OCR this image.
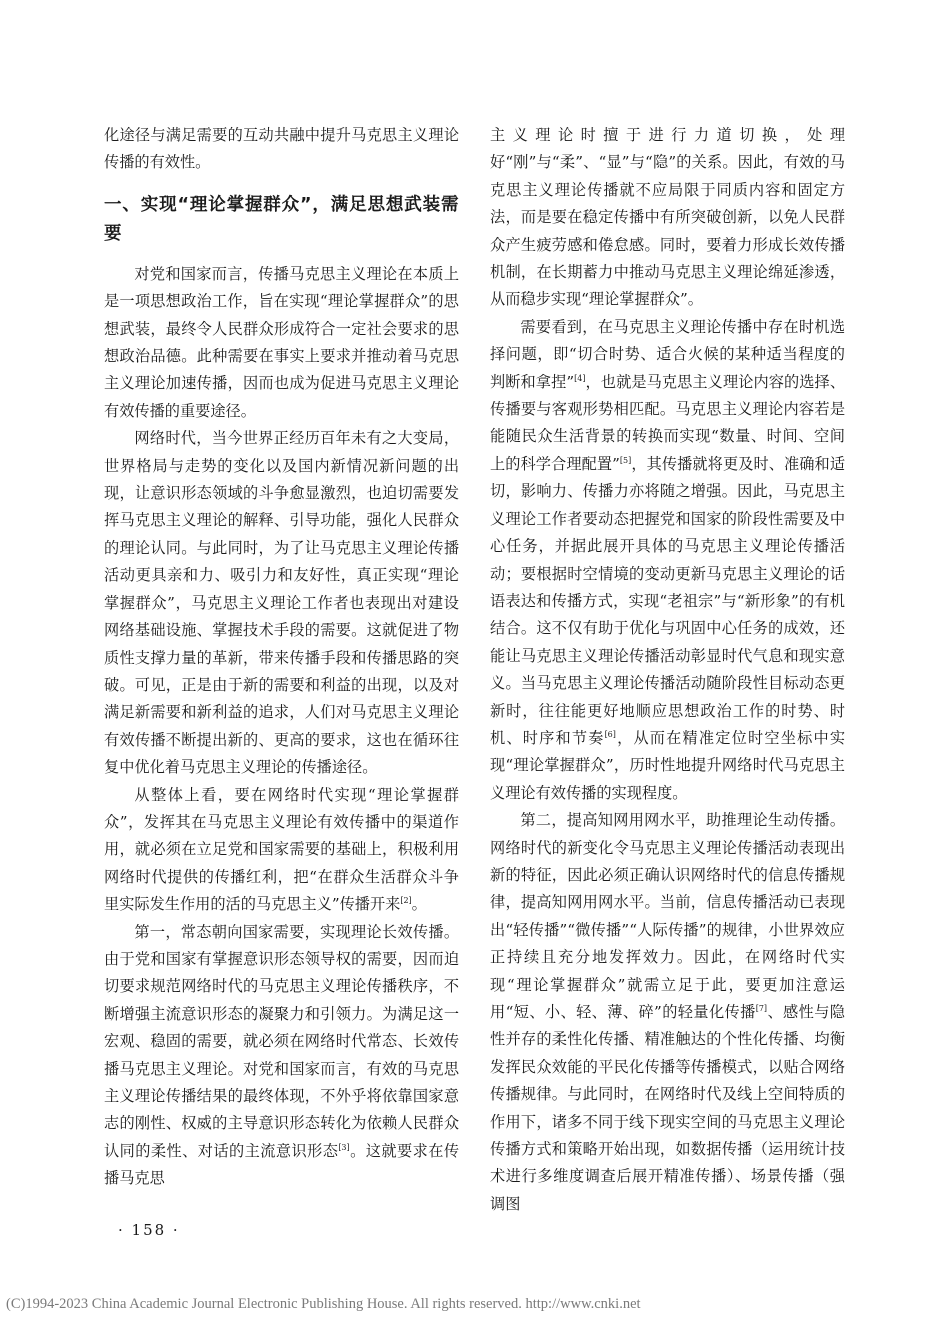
化途径与满足需要的互动共融中提升马克思主义理论传播的有效性。

一、实现“理论掌握群众”，满足思想武装需要

对党和国家而言，传播马克思主义理论在本质上是一项思想政治工作，旨在实现“理论掌握群众”的思想武装，最终令人民群众形成符合一定社会要求的思想政治品德。此种需要在事实上要求并推动着马克思主义理论加速传播，因而也成为促进马克思主义理论有效传播的重要途径。

网络时代，当今世界正经历百年未有之大变局，世界格局与走势的变化以及国内新情况新问题的出现，让意识形态领域的斗争愈显激烈，也迫切需要发挥马克思主义理论的解释、引导功能，强化人民群众的理论认同。与此同时，为了让马克思主义理论传播活动更具亲和力、吸引力和友好性，真正实现“理论掌握群众”，马克思主义理论工作者也表现出对建设网络基础设施、掌握技术手段的需要。这就促进了物质性支撑力量的革新，带来传播手段和传播思路的突破。可见，正是由于新的需要和利益的出现，以及对满足新需要和新利益的追求，人们对马克思主义理论有效传播不断提出新的、更高的要求，这也在循环往复中优化着马克思主义理论的传播途径。

从整体上看，要在网络时代实现“理论掌握群众”，发挥其在马克思主义理论有效传播中的渠道作用，就必须在立足党和国家需要的基础上，积极利用网络时代提供的传播红利，把“在群众生活群众斗争里实际发生作用的活的马克思主义”传播开来[2]。

第一，常态朝向国家需要，实现理论长效传播。由于党和国家有掌握意识形态领导权的需要，因而迫切要求规范网络时代的马克思主义理论传播秩序，不断增强主流意识形态的凝聚力和引领力。为满足这一宏观、稳固的需要，就必须在网络时代常态、长效传播马克思主义理论。对党和国家而言，有效的马克思主义理论传播结果的最终体现，不外乎将依靠国家意志的刚性、权威的主导意识形态转化为依赖人民群众认同的柔性、对话的主流意识形态[3]。这就要求在传播马克思

主义理论时擅于进行力道切换，处理好“刚”与“柔”、“显”与“隐”的关系。因此，有效的马克思主义理论传播就不应局限于同质内容和固定方法，而是要在稳定传播中有所突破创新，以免人民群众产生疲劳感和倦怠感。同时，要着力形成长效传播机制，在长期蓄力中推动马克思主义理论绵延渗透，从而稳步实现“理论掌握群众”。

需要看到，在马克思主义理论传播中存在时机选择问题，即“切合时势、适合火候的某种适当程度的判断和拿捏”[4]，也就是马克思主义理论内容的选择、传播要与客观形势相匹配。马克思主义理论内容若是能随民众生活背景的转换而实现“数量、时间、空间上的科学合理配置”[5]，其传播就将更及时、准确和适切，影响力、传播力亦将随之增强。因此，马克思主义理论工作者要动态把握党和国家的阶段性需要及中心任务，并据此展开具体的马克思主义理论传播活动；要根据时空情境的变动更新马克思主义理论的话语表达和传播方式，实现“老祖宗”与“新形象”的有机结合。这不仅有助于优化与巩固中心任务的成效，还能让马克思主义理论传播活动彰显时代气息和现实意义。当马克思主义理论传播活动随阶段性目标动态更新时，往往能更好地顺应思想政治工作的时势、时机、时序和节奏[6]，从而在精准定位时空坐标中实现“理论掌握群众”，历时性地提升网络时代马克思主义理论有效传播的实现程度。

第二，提高知网用网水平，助推理论生动传播。网络时代的新变化令马克思主义理论传播活动表现出新的特征，因此必须正确认识网络时代的信息传播规律，提高知网用网水平。当前，信息传播活动已表现出“轻传播”“微传播”“人际传播”的规律，小世界效应正持续且充分地发挥效力。因此，在网络时代实现“理论掌握群众”就需立足于此，要更加注意运用“短、小、轻、薄、碎”的轻量化传播[7]、感性与隐性并存的柔性化传播、精准触达的个性化传播、均衡发挥民众效能的平民化传播等传播模式，以贴合网络传播规律。与此同时，在网络时代及线上空间特质的作用下，诸多不同于线下现实空间的马克思主义理论传播方式和策略开始出现，如数据传播（运用统计技术进行多维度调查后展开精准传播）、场景传播（强调图

· 158 ·
(C)1994-2023 China Academic Journal Electronic Publishing House. All rights reserved. http://www.cnki.net
